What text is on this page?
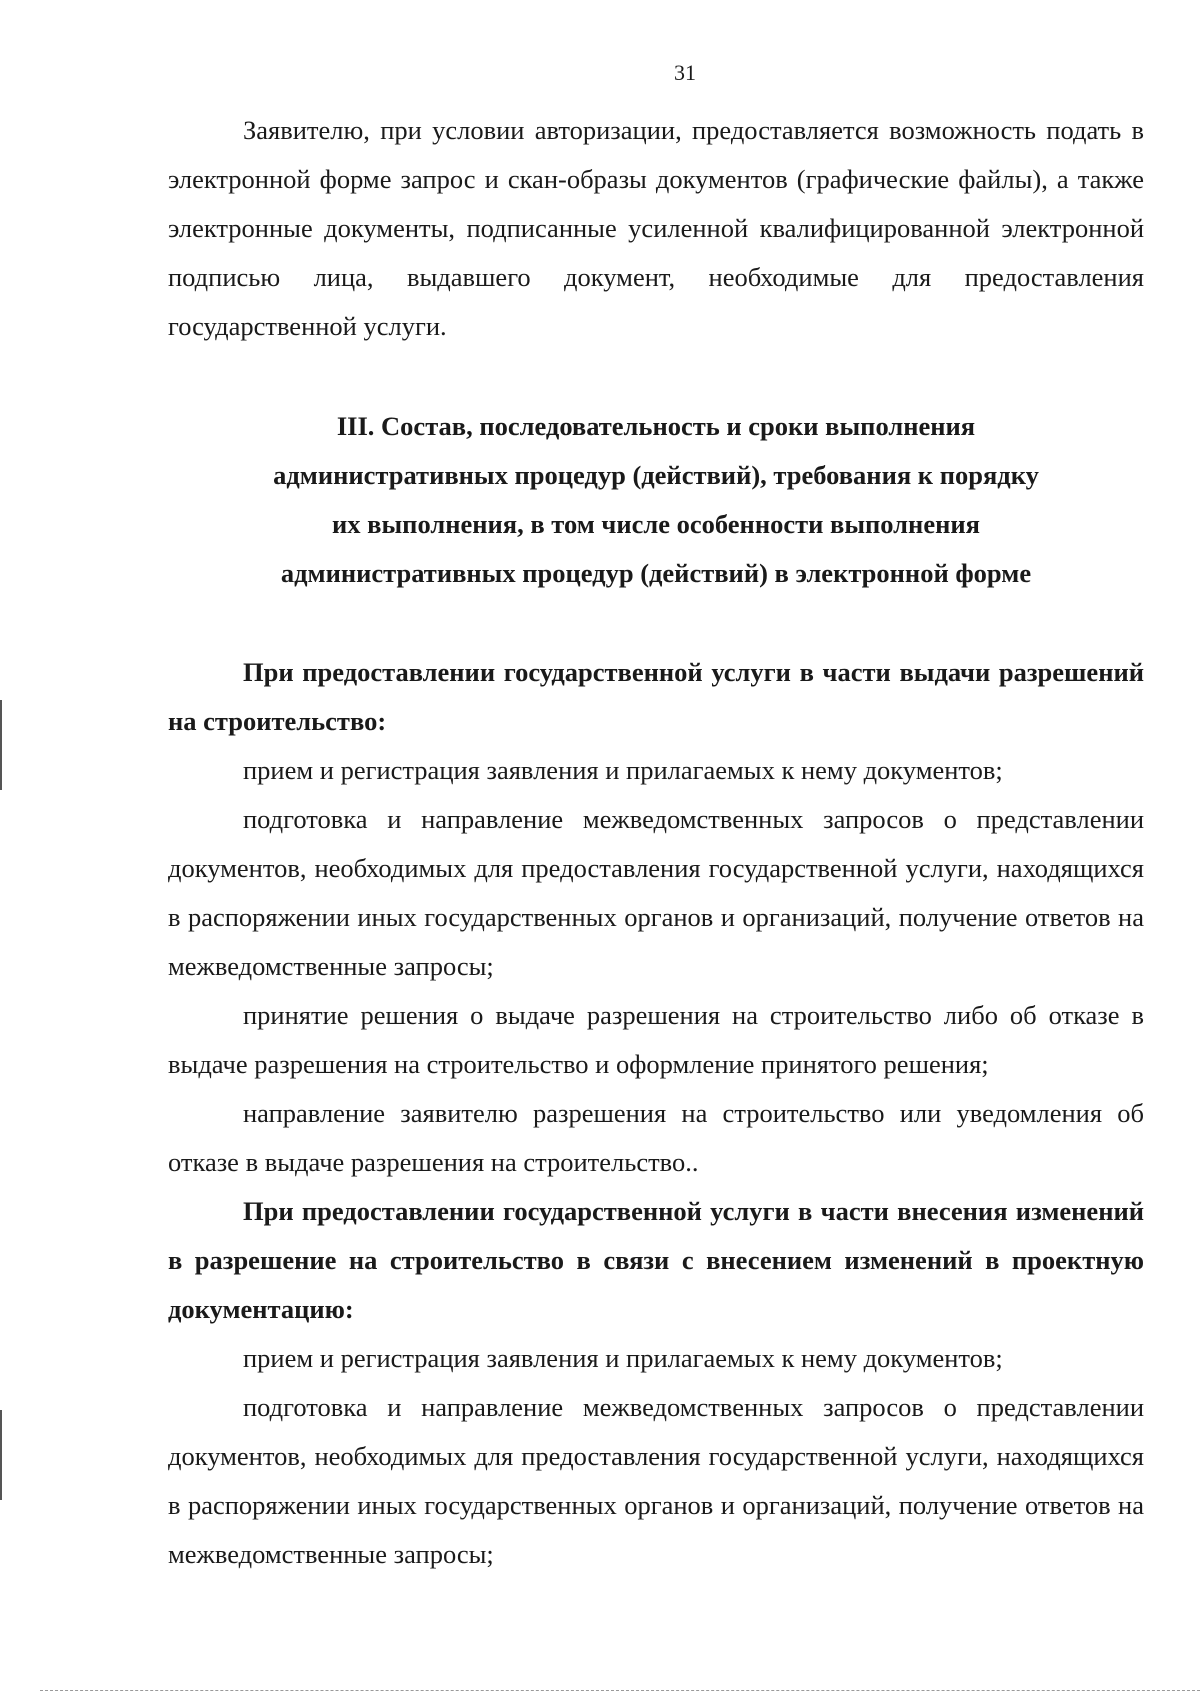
31

Заявителю, при условии авторизации, предоставляется возможность подать в электронной форме запрос и скан-образы документов (графические файлы), а также электронные документы, подписанные усиленной квалифицированной электронной подписью лица, выдавшего документ, необходимые для предоставления государственной услуги.

III. Состав, последовательность и сроки выполнения
административных процедур (действий), требования к порядку
их выполнения, в том числе особенности выполнения
административных процедур (действий) в электронной форме

При предоставлении государственной услуги в части выдачи разрешений на строительство:

прием и регистрация заявления и прилагаемых к нему документов;

подготовка и направление межведомственных запросов о представлении документов, необходимых для предоставления государственной услуги, находящихся в распоряжении иных государственных органов и организаций, получение ответов на межведомственные запросы;

принятие решения о выдаче разрешения на строительство либо об отказе в выдаче разрешения на строительство и оформление принятого решения;

направление заявителю разрешения на строительство или уведомления об отказе в выдаче разрешения на строительство..

При предоставлении государственной услуги в части внесения изменений в разрешение на строительство в связи с внесением изменений в проектную документацию:

прием и регистрация заявления и прилагаемых к нему документов;

подготовка и направление межведомственных запросов о представлении документов, необходимых для предоставления государственной услуги, находящихся в распоряжении иных государственных органов и организаций, получение ответов на межведомственные запросы;
